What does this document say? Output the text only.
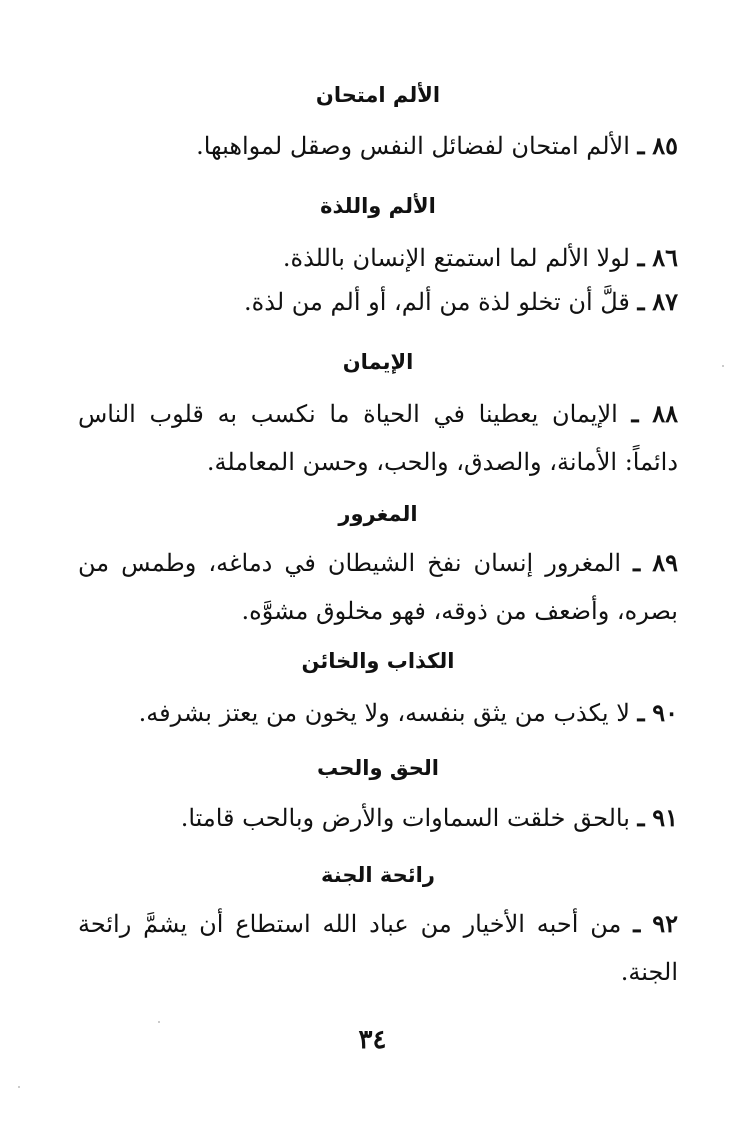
الألم امتحان
٨٥ ـ الألم امتحان لفضائل النفس وصقل لمواهبها.
الألم واللذة
٨٦ ـ لولا الألم لما استمتع الإنسان باللذة.
٨٧ ـ قلَّ أن تخلو لذة من ألم، أو ألم من لذة.
الإيمان
٨٨ ـ الإيمان يعطينا في الحياة ما نكسب به قلوب الناس دائماً: الأمانة، والصدق، والحب، وحسن المعاملة.
المغرور
٨٩ ـ المغرور إنسان نفخ الشيطان في دماغه، وطمس من بصره، وأضعف من ذوقه، فهو مخلوق مشوَّه.
الكذاب والخائن
٩٠ ـ لا يكذب من يثق بنفسه، ولا يخون من يعتز بشرفه.
الحق والحب
٩١ ـ بالحق خلقت السماوات والأرض وبالحب قامتا.
رائحة الجنة
٩٢ ـ من أحبه الأخيار من عباد الله استطاع أن يشمَّ رائحة الجنة.
٣٤
